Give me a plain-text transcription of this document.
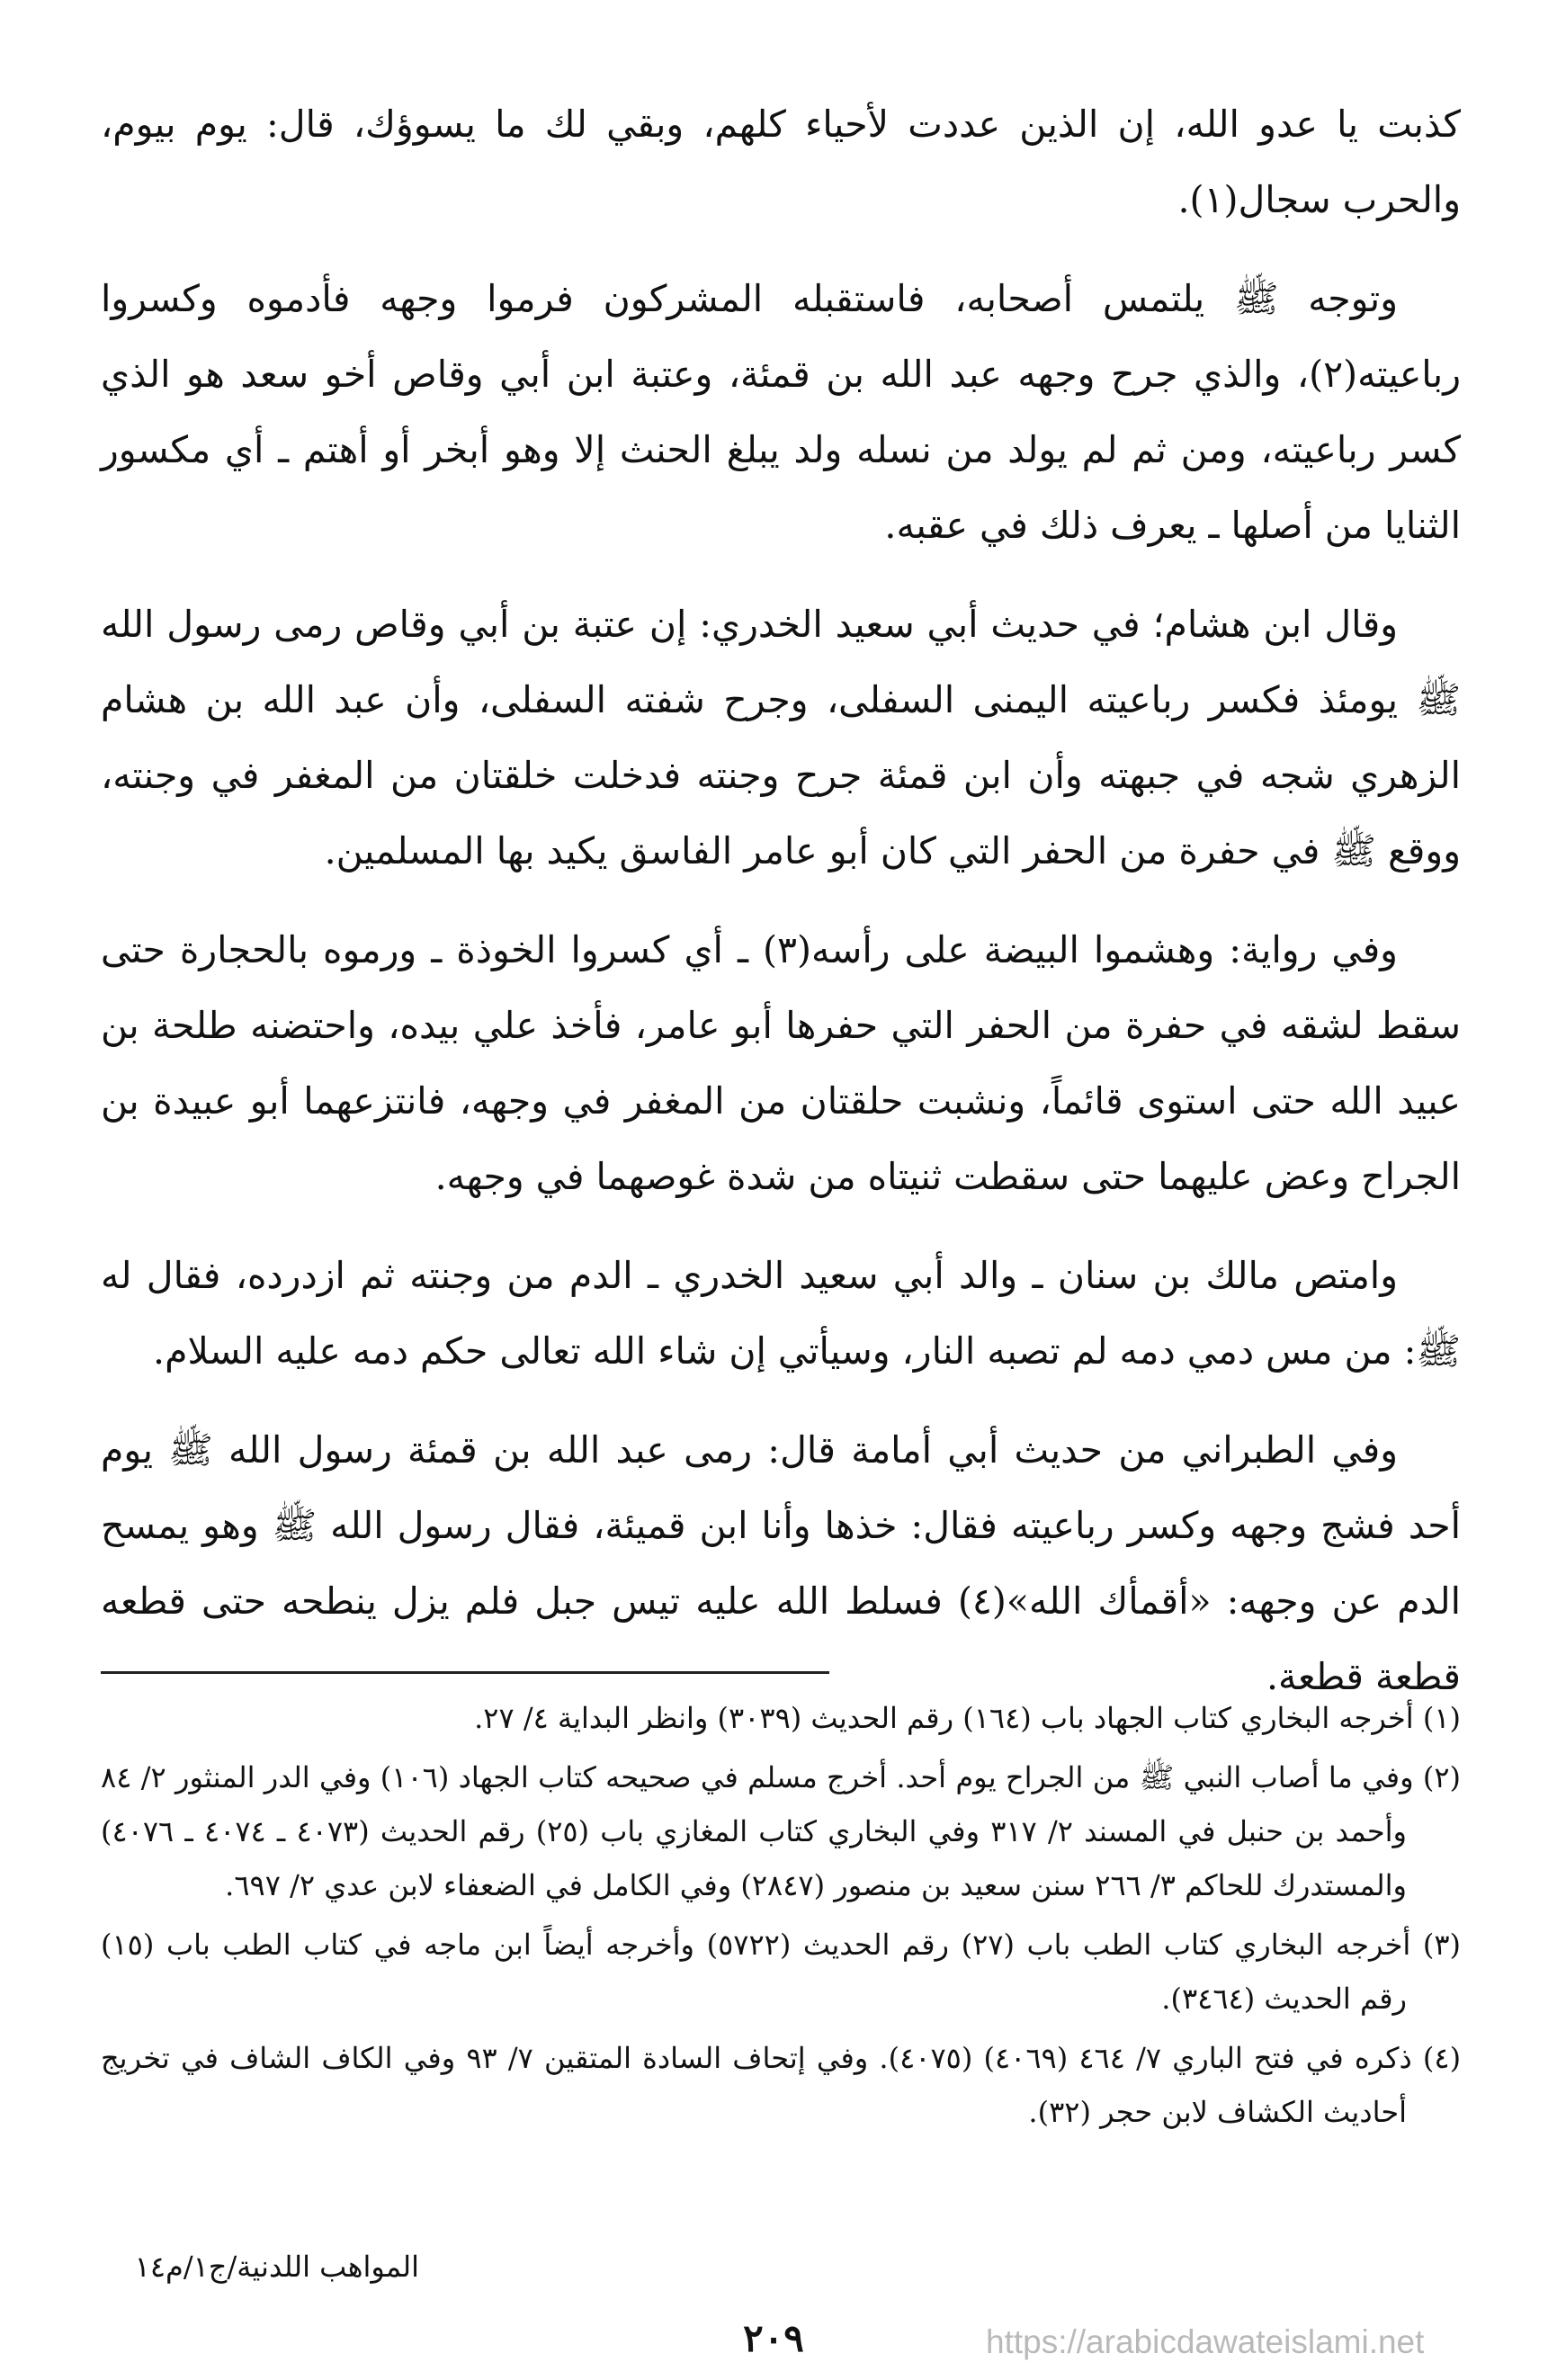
كذبت يا عدو الله، إن الذين عددت لأحياء كلهم، وبقي لك ما يسوؤك، قال: يوم بيوم، والحرب سجال(١).

وتوجه ﷺ يلتمس أصحابه، فاستقبله المشركون فرموا وجهه فأدموه وكسروا رباعيته(٢)، والذي جرح وجهه عبد الله بن قمئة، وعتبة ابن أبي وقاص أخو سعد هو الذي كسر رباعيته، ومن ثم لم يولد من نسله ولد يبلغ الحنث إلا وهو أبخر أو أهتم ـ أي مكسور الثنايا من أصلها ـ يعرف ذلك في عقبه.

وقال ابن هشام؛ في حديث أبي سعيد الخدري: إن عتبة بن أبي وقاص رمى رسول الله ﷺ يومئذ فكسر رباعيته اليمنى السفلى، وجرح شفته السفلى، وأن عبد الله بن هشام الزهري شجه في جبهته وأن ابن قمئة جرح وجنته فدخلت خلقتان من المغفر في وجنته، ووقع ﷺ في حفرة من الحفر التي كان أبو عامر الفاسق يكيد بها المسلمين.

وفي رواية: وهشموا البيضة على رأسه(٣) ـ أي كسروا الخوذة ـ ورموه بالحجارة حتى سقط لشقه في حفرة من الحفر التي حفرها أبو عامر، فأخذ علي بيده، واحتضنه طلحة بن عبيد الله حتى استوى قائماً، ونشبت حلقتان من المغفر في وجهه، فانتزعهما أبو عبيدة بن الجراح وعض عليهما حتى سقطت ثنيتاه من شدة غوصهما في وجهه.

وامتص مالك بن سنان ـ والد أبي سعيد الخدري ـ الدم من وجنته ثم ازدرده، فقال له ﷺ: من مس دمي دمه لم تصبه النار، وسيأتي إن شاء الله تعالى حكم دمه عليه السلام.

وفي الطبراني من حديث أبي أمامة قال: رمى عبد الله بن قمئة رسول الله ﷺ يوم أحد فشج وجهه وكسر رباعيته فقال: خذها وأنا ابن قميئة، فقال رسول الله ﷺ وهو يمسح الدم عن وجهه: «أقمأك الله»(٤) فسلط الله عليه تيس جبل فلم يزل ينطحه حتى قطعه قطعة قطعة.

(١) أخرجه البخاري كتاب الجهاد باب (١٦٤) رقم الحديث (٣٠٣٩) وانظر البداية ٤/ ٢٧.

(٢) وفي ما أصاب النبي ﷺ من الجراح يوم أحد. أخرج مسلم في صحيحه كتاب الجهاد (١٠٦) وفي الدر المنثور ٢/ ٨٤ وأحمد بن حنبل في المسند ٢/ ٣١٧ وفي البخاري كتاب المغازي باب (٢٥) رقم الحديث (٤٠٧٣ ـ ٤٠٧٤ ـ ٤٠٧٦) والمستدرك للحاكم ٣/ ٢٦٦ سنن سعيد بن منصور (٢٨٤٧) وفي الكامل في الضعفاء لابن عدي ٢/ ٦٩٧.

(٣) أخرجه البخاري كتاب الطب باب (٢٧) رقم الحديث (٥٧٢٢) وأخرجه أيضاً ابن ماجه في كتاب الطب باب (١٥) رقم الحديث (٣٤٦٤).

(٤) ذكره في فتح الباري ٧/ ٤٦٤ (٤٠٦٩) (٤٠٧٥). وفي إتحاف السادة المتقين ٧/ ٩٣ وفي الكاف الشاف في تخريج أحاديث الكشاف لابن حجر (٣٢).

المواهب اللدنية/ج١/م١٤
٢٠٩	https://arabicdawateislami.net
